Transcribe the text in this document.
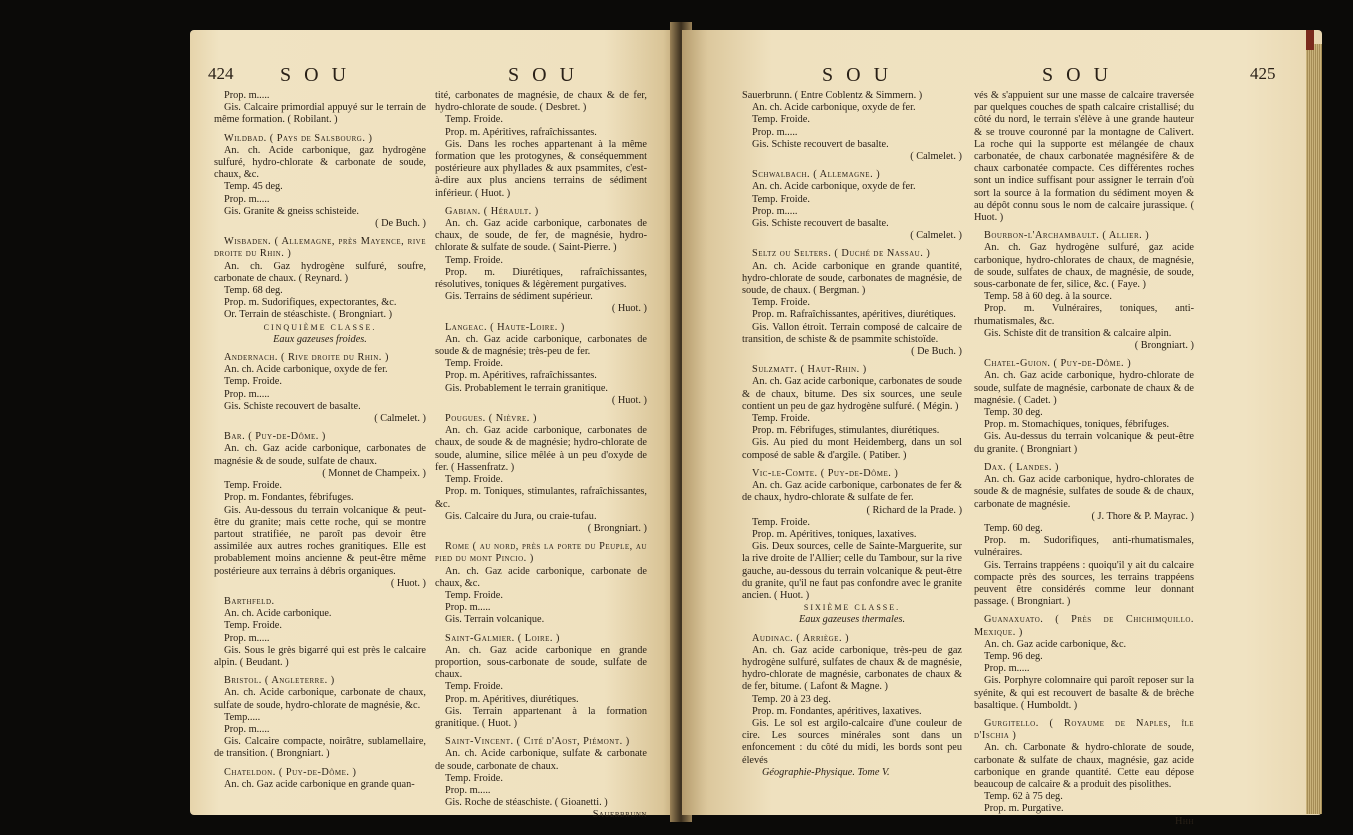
424 S O U	S O U

Prop. m.....

Gis. Calcaire primordial appuyé sur le terrain de même formation. ( Robilant. )

Wildbad. ( Pays de Salsbourg. )

An. ch. Acide carbonique, gaz hydrogène sulfuré, hydro-chlorate & carbonate de soude, chaux, &c.

Temp. 45 deg.

Prop. m.....

Gis. Granite & gneiss schisteide.

( De Buch. )

Wisbaden. ( Allemagne, près Mayence, rive droite du Rhin. )

An. ch. Gaz hydrogène sulfuré, soufre, carbonate de chaux. ( Reynard. )

Temp. 68 deg.

Prop. m. Sudorifiques, expectorantes, &c.

Or. Terrain de stéaschiste. ( Brongniart. )

CINQUIÈME CLASSE.

Eaux gazeuses froides.

Andernach. ( Rive droite du Rhin. )

An. ch. Acide carbonique, oxyde de fer.

Temp. Froide.

Prop. m.....

Gis. Schiste recouvert de basalte.

( Calmelet. )

Bar. ( Puy-de-Dôme. )

An. ch. Gaz acide carbonique, carbonates de magnésie & de soude, sulfate de chaux.

( Monnet de Champeix. )

Temp. Froide.

Prop. m. Fondantes, fébrifuges.

Gis. Au-dessous du terrain volcanique & peut-être du granite; mais cette roche, qui se montre partout stratifiée, ne paroît pas devoir être assimilée aux autres roches granitiques. Elle est probablement moins ancienne & peut-être même postérieure aux terrains à débris organiques.

( Huot. )

Barthfeld.

An. ch. Acide carbonique.

Temp. Froide.

Prop. m.....

Gis. Sous le grès bigarré qui est près le calcaire alpin. ( Beudant. )

Bristol. ( Angleterre. )

An. ch. Acide carbonique, carbonate de chaux, sulfate de soude, hydro-chlorate de magnésie, &c.

Temp.....

Prop. m.....

Gis. Calcaire compacte, noirâtre, sublamellaire, de transition. ( Brongniart. )

Chateldon. ( Puy-de-Dôme. )

An. ch. Gaz acide carbonique en grande quan-

tité, carbonates de magnésie, de chaux & de fer, hydro-chlorate de soude. ( Desbret. )

Temp. Froide.

Prop. m. Apéritives, rafraîchissantes.

Gis. Dans les roches appartenant à la même formation que les protogynes, & conséquemment postérieure aux phyllades & aux psammites, c'est-à-dire aux plus anciens terrains de sédiment inférieur. ( Huot. )

Gabian. ( Hérault. )

An. ch. Gaz acide carbonique, carbonates de chaux, de soude, de fer, de magnésie, hydro-chlorate & sulfate de soude. ( Saint-Pierre. )

Temp. Froide.

Prop. m. Diurétiques, rafraîchissantes, résolutives, toniques & légèrement purgatives.

Gis. Terrains de sédiment supérieur.

( Huot. )

Langeac. ( Haute-Loire. )

An. ch. Gaz acide carbonique, carbonates de soude & de magnésie; très-peu de fer.

Temp. Froide.

Prop. m. Apéritives, rafraîchissantes.

Gis. Probablement le terrain granitique.

( Huot. )

Pougues. ( Nièvre. )

An. ch. Gaz acide carbonique, carbonates de chaux, de soude & de magnésie; hydro-chlorate de soude, alumine, silice mêlée à un peu d'oxyde de fer. ( Hassenfratz. )

Temp. Froide.

Prop. m. Toniques, stimulantes, rafraîchissantes, &c.

Gis. Calcaire du Jura, ou craie-tufau.

( Brongniart. )

Rome ( au nord, près la porte du Peuple, au pied du mont Pincio. )

An. ch. Gaz acide carbonique, carbonate de chaux, &c.

Temp. Froide.

Prop. m.....

Gis. Terrain volcanique.

Saint-Galmier. ( Loire. )

An. ch. Gaz acide carbonique en grande proportion, sous-carbonate de soude, sulfate de chaux.

Temp. Froide.

Prop. m. Apéritives, diurétiques.

Gis. Terrain appartenant à la formation granitique. ( Huot. )

Saint-Vincent. ( Cité d'Aost, Piémont. )

An. ch. Acide carbonique, sulfate & carbonate de soude, carbonate de chaux.

Temp. Froide.

Prop. m.....

Gis. Roche de stéaschiste. ( Gioanetti. )

Sauerbrunn

S O U	S O U	425

Sauerbrunn. ( Entre Coblentz & Simmern. )

An. ch. Acide carbonique, oxyde de fer.

Temp. Froide.

Prop. m.....

Gis. Schiste recouvert de basalte.

( Calmelet. )

Schwalbach. ( Allemagne. )

An. ch. Acide carbonique, oxyde de fer.

Temp. Froide.

Prop. m.....

Gis. Schiste recouvert de basalte.

( Calmelet. )

Seltz ou Selters. ( Duché de Nassau. )

An. ch. Acide carbonique en grande quantité, hydro-chlorate de soude, carbonates de magnésie, de soude, de chaux. ( Bergman. )

Temp. Froide.

Prop. m. Rafraîchissantes, apéritives, diurétiques.

Gis. Vallon étroit. Terrain composé de calcaire de transition, de schiste & de psammite schistoïde.

( De Buch. )

Sulzmatt. ( Haut-Rhin. )

An. ch. Gaz acide carbonique, carbonates de soude & de chaux, bitume. Des six sources, une seule contient un peu de gaz hydrogène sulfuré. ( Mégin. )

Temp. Froide.

Prop. m. Fébrifuges, stimulantes, diurétiques.

Gis. Au pied du mont Heidemberg, dans un sol composé de sable & d'argile. ( Patiber. )

Vic-le-Comte. ( Puy-de-Dôme. )

An. ch. Gaz acide carbonique, carbonates de fer & de chaux, hydro-chlorate & sulfate de fer.

( Richard de la Prade. )

Temp. Froide.

Prop. m. Apéritives, toniques, laxatives.

Gis. Deux sources, celle de Sainte-Marguerite, sur la rive droite de l'Allier; celle du Tambour, sur la rive gauche, au-dessous du terrain volcanique & peut-être du granite, qu'il ne faut pas confondre avec le granite ancien. ( Huot. )

SIXIÈME CLASSE.

Eaux gazeuses thermales.

Audinac. ( Arriège. )

An. ch. Gaz acide carbonique, très-peu de gaz hydrogène sulfuré, sulfates de chaux & de magnésie, hydro-chlorate de magnésie, carbonates de chaux & de fer, bitume. ( Lafont & Magne. )

Temp. 20 à 23 deg.

Prop. m. Fondantes, apéritives, laxatives.

Gis. Le sol est argilo-calcaire d'une couleur de cire. Les sources minérales sont dans un enfoncement : du côté du midi, les bords sont peu élevés

Géographie-Physique. Tome V.

vés & s'appuient sur une masse de calcaire traversée par quelques couches de spath calcaire cristallisé; du côté du nord, le terrain s'élève à une grande hauteur & se trouve couronné par la montagne de Calivert. La roche qui la supporte est mélangée de chaux carbonatée, de chaux carbonatée magnésifère & de chaux carbonatée compacte. Ces différentes roches sont un indice suffisant pour assigner le terrain d'où sort la source à la formation du sédiment moyen & au dépôt connu sous le nom de calcaire jurassique. ( Huot. )

Bourbon-l'Archambault. ( Allier. )

An. ch. Gaz hydrogène sulfuré, gaz acide carbonique, hydro-chlorates de chaux, de magnésie, de soude, sulfates de chaux, de magnésie, de soude, sous-carbonate de fer, silice, &c. ( Faye. )

Temp. 58 à 60 deg. à la source.

Prop. m. Vulnéraires, toniques, anti-rhumatismales, &c.

Gis. Schiste dit de transition & calcaire alpin.

( Brongniart. )

Chatel-Guion. ( Puy-de-Dôme. )

An. ch. Gaz acide carbonique, hydro-chlorate de soude, sulfate de magnésie, carbonate de chaux & de magnésie. ( Cadet. )

Temp. 30 deg.

Prop. m. Stomachiques, toniques, fébrifuges.

Gis. Au-dessus du terrain volcanique & peut-être du granite. ( Brongniart )

Dax. ( Landes. )

An. ch. Gaz acide carbonique, hydro-chlorates de soude & de magnésie, sulfates de soude & de chaux, carbonate de magnésie.

( J. Thore & P. Mayrac. )

Temp. 60 deg.

Prop. m. Sudorifiques, anti-rhumatismales, vulnéraires.

Gis. Terrains trappéens : quoiqu'il y ait du calcaire compacte près des sources, les terrains trappéens peuvent être considérés comme leur donnant passage. ( Brongniart. )

Guanaxuato. ( Près de Chichimquillo. Mexique. )

An. ch. Gaz acide carbonique, &c.

Temp. 96 deg.

Prop. m.....

Gis. Porphyre colomnaire qui paroît reposer sur la syénite, & qui est recouvert de basalte & de brèche basaltique. ( Humboldt. )

Gurgitello. ( Royaume de Naples, île d'Ischia )

An. ch. Carbonate & hydro-chlorate de soude, carbonate & sulfate de chaux, magnésie, gaz acide carbonique en grande quantité. Cette eau dépose beaucoup de calcaire & a produit des pisolithes.

Temp. 62 à 75 deg.

Prop. m. Purgative.

Hhh
